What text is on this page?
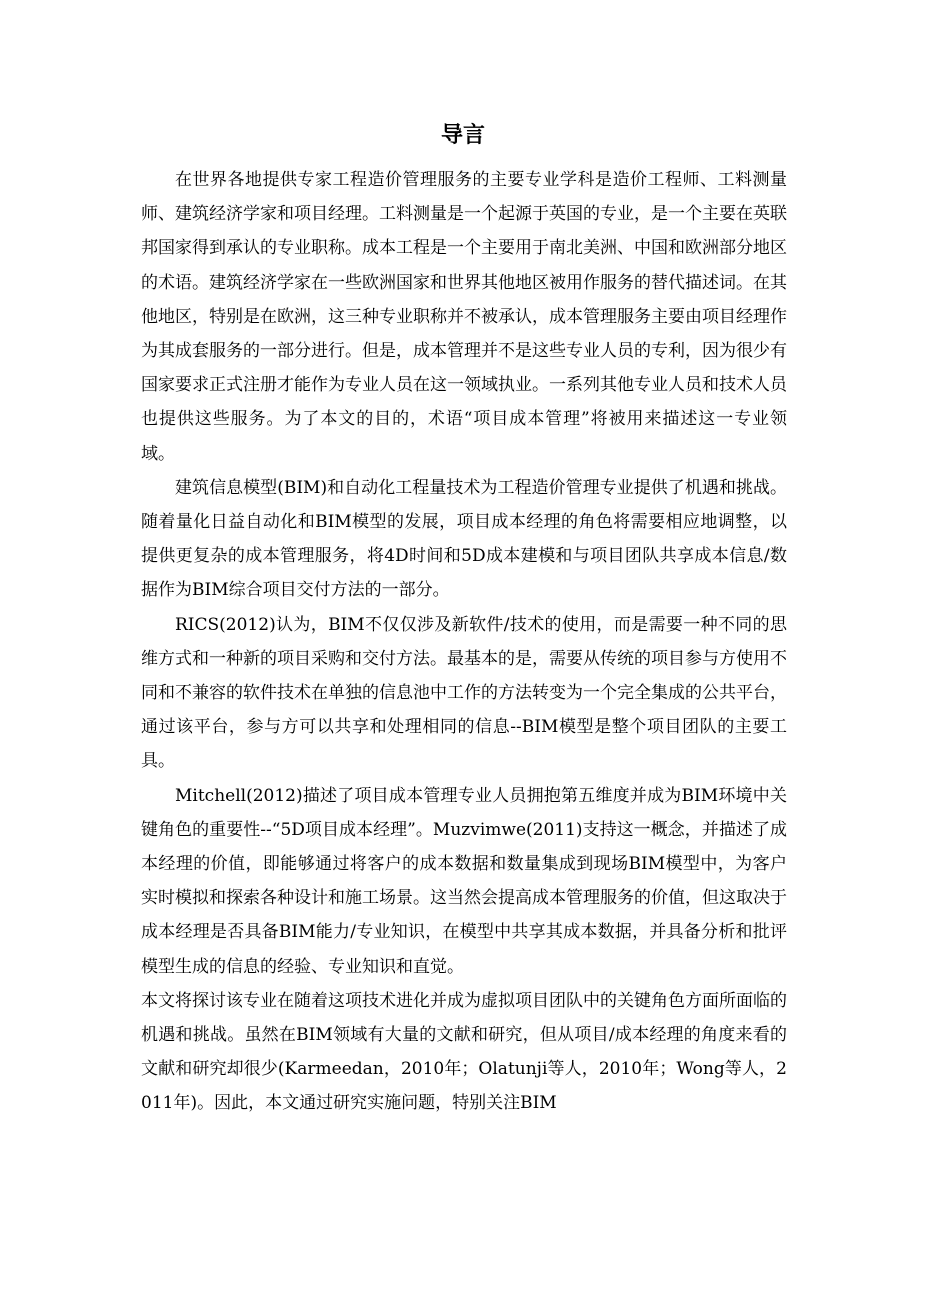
导言

在世界各地提供专家工程造价管理服务的主要专业学科是造价工程师、工料测量师、建筑经济学家和项目经理。工料测量是一个起源于英国的专业，是一个主要在英联邦国家得到承认的专业职称。成本工程是一个主要用于南北美洲、中国和欧洲部分地区的术语。建筑经济学家在一些欧洲国家和世界其他地区被用作服务的替代描述词。在其他地区，特别是在欧洲，这三种专业职称并不被承认，成本管理服务主要由项目经理作为其成套服务的一部分进行。但是，成本管理并不是这些专业人员的专利，因为很少有国家要求正式注册才能作为专业人员在这一领域执业。一系列其他专业人员和技术人员也提供这些服务。为了本文的目的，术语“项目成本管理”将被用来描述这一专业领域。

建筑信息模型(BIM)和自动化工程量技术为工程造价管理专业提供了机遇和挑战。随着量化日益自动化和BIM模型的发展，项目成本经理的角色将需要相应地调整，以提供更复杂的成本管理服务，将4D时间和5D成本建模和与项目团队共享成本信息/数据作为BIM综合项目交付方法的一部分。

RICS(2012)认为，BIM不仅仅涉及新软件/技术的使用，而是需要一种不同的思维方式和一种新的项目采购和交付方法。最基本的是，需要从传统的项目参与方使用不同和不兼容的软件技术在单独的信息池中工作的方法转变为一个完全集成的公共平台，通过该平台，参与方可以共享和处理相同的信息--BIM模型是整个项目团队的主要工具。

Mitchell(2012)描述了项目成本管理专业人员拥抱第五维度并成为BIM环境中关键角色的重要性--“5D项目成本经理”。Muzvimwe(2011)支持这一概念，并描述了成本经理的价值，即能够通过将客户的成本数据和数量集成到现场BIM模型中，为客户实时模拟和探索各种设计和施工场景。这当然会提高成本管理服务的价值，但这取决于成本经理是否具备BIM能力/专业知识，在模型中共享其成本数据，并具备分析和批评模型生成的信息的经验、专业知识和直觉。

本文将探讨该专业在随着这项技术进化并成为虚拟项目团队中的关键角色方面所面临的机遇和挑战。虽然在BIM领域有大量的文献和研究，但从项目/成本经理的角度来看的文献和研究却很少(Karmeedan，2010年；Olatunji等人，2010年；Wong等人，2011年)。因此，本文通过研究实施问题，特别关注BIM
